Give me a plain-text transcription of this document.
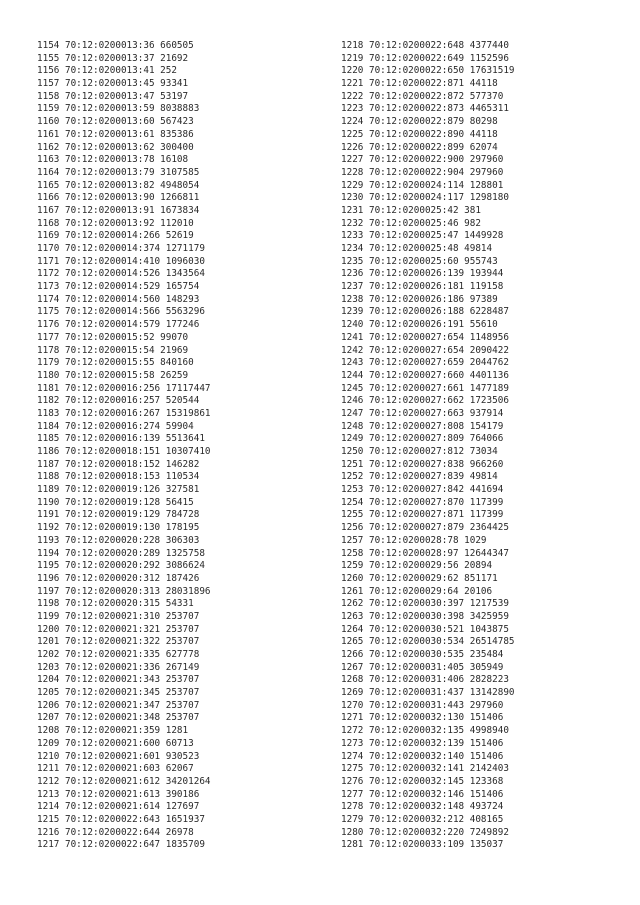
1154 70:12:0200013:36 660505
1155 70:12:0200013:37 21692
1156 70:12:0200013:41 252
1157 70:12:0200013:45 93341
1158 70:12:0200013:47 53197
1159 70:12:0200013:59 8038883
1160 70:12:0200013:60 567423
1161 70:12:0200013:61 835386
1162 70:12:0200013:62 300400
1163 70:12:0200013:78 16108
1164 70:12:0200013:79 3107585
1165 70:12:0200013:82 4948054
1166 70:12:0200013:90 1266811
1167 70:12:0200013:91 1673834
1168 70:12:0200013:92 112010
1169 70:12:0200014:266 52619
1170 70:12:0200014:374 1271179
1171 70:12:0200014:410 1096030
1172 70:12:0200014:526 1343564
1173 70:12:0200014:529 165754
1174 70:12:0200014:560 148293
1175 70:12:0200014:566 5563296
1176 70:12:0200014:579 177246
1177 70:12:0200015:52 99070
1178 70:12:0200015:54 21969
1179 70:12:0200015:55 840160
1180 70:12:0200015:58 26259
1181 70:12:0200016:256 17117447
1182 70:12:0200016:257 520544
1183 70:12:0200016:267 15319861
1184 70:12:0200016:274 59904
1185 70:12:0200016:139 5513641
1186 70:12:0200018:151 10307410
1187 70:12:0200018:152 146282
1188 70:12:0200018:153 110534
1189 70:12:0200019:126 327581
1190 70:12:0200019:128 56415
1191 70:12:0200019:129 784728
1192 70:12:0200019:130 178195
1193 70:12:0200020:228 306303
1194 70:12:0200020:289 1325758
1195 70:12:0200020:292 3086624
1196 70:12:0200020:312 187426
1197 70:12:0200020:313 28031896
1198 70:12:0200020:315 54331
1199 70:12:0200021:310 253707
1200 70:12:0200021:321 253707
1201 70:12:0200021:322 253707
1202 70:12:0200021:335 627778
1203 70:12:0200021:336 267149
1204 70:12:0200021:343 253707
1205 70:12:0200021:345 253707
1206 70:12:0200021:347 253707
1207 70:12:0200021:348 253707
1208 70:12:0200021:359 1281
1209 70:12:0200021:600 60713
1210 70:12:0200021:601 930523
1211 70:12:0200021:603 62067
1212 70:12:0200021:612 34201264
1213 70:12:0200021:613 390186
1214 70:12:0200021:614 127697
1215 70:12:0200022:643 1651937
1216 70:12:0200022:644 26978
1217 70:12:0200022:647 1835709
1218 70:12:0200022:648 4377440
1219 70:12:0200022:649 1152596
1220 70:12:0200022:650 17631519
1221 70:12:0200022:871 44118
1222 70:12:0200022:872 577370
1223 70:12:0200022:873 4465311
1224 70:12:0200022:879 80298
1225 70:12:0200022:890 44118
1226 70:12:0200022:899 62074
1227 70:12:0200022:900 297960
1228 70:12:0200022:904 297960
1229 70:12:0200024:114 128801
1230 70:12:0200024:117 1298180
1231 70:12:0200025:42 381
1232 70:12:0200025:46 982
1233 70:12:0200025:47 1449928
1234 70:12:0200025:48 49814
1235 70:12:0200025:60 955743
1236 70:12:0200026:139 193944
1237 70:12:0200026:181 119158
1238 70:12:0200026:186 97389
1239 70:12:0200026:188 6228487
1240 70:12:0200026:191 55610
1241 70:12:0200027:654 1148956
1242 70:12:0200027:654 2090422
1243 70:12:0200027:659 2044762
1244 70:12:0200027:660 4401136
1245 70:12:0200027:661 1477189
1246 70:12:0200027:662 1723506
1247 70:12:0200027:663 937914
1248 70:12:0200027:808 154179
1249 70:12:0200027:809 764066
1250 70:12:0200027:812 73034
1251 70:12:0200027:838 966260
1252 70:12:0200027:839 49814
1253 70:12:0200027:842 441694
1254 70:12:0200027:870 117399
1255 70:12:0200027:871 117399
1256 70:12:0200027:879 2364425
1257 70:12:0200028:78 1029
1258 70:12:0200028:97 12644347
1259 70:12:0200029:56 20894
1260 70:12:0200029:62 851171
1261 70:12:0200029:64 20106
1262 70:12:0200030:397 1217539
1263 70:12:0200030:398 3425959
1264 70:12:0200030:521 1043875
1265 70:12:0200030:534 26514785
1266 70:12:0200030:535 235484
1267 70:12:0200031:405 305949
1268 70:12:0200031:406 2828223
1269 70:12:0200031:437 13142890
1270 70:12:0200031:443 297960
1271 70:12:0200032:130 151406
1272 70:12:0200032:135 4998940
1273 70:12:0200032:139 151406
1274 70:12:0200032:140 151406
1275 70:12:0200032:141 2142403
1276 70:12:0200032:145 123368
1277 70:12:0200032:146 151406
1278 70:12:0200032:148 493724
1279 70:12:0200032:212 408165
1280 70:12:0200032:220 7249892
1281 70:12:0200033:109 135037
